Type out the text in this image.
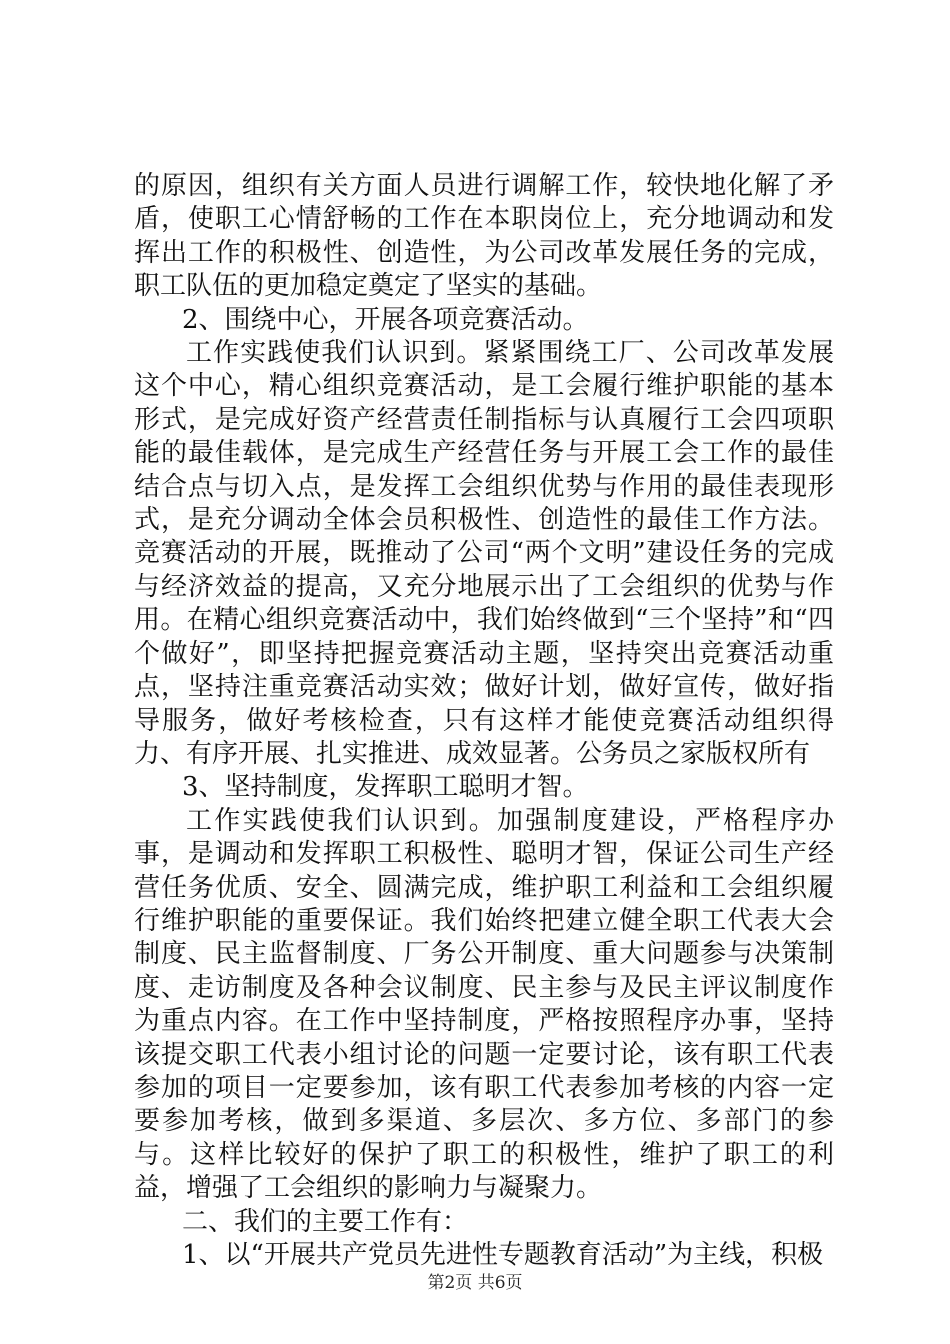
的原因，组织有关方面人员进行调解工作，较快地化解了矛盾，使职工心情舒畅的工作在本职岗位上，充分地调动和发挥出工作的积极性、创造性，为公司改革发展任务的完成，职工队伍的更加稳定奠定了坚实的基础。

2、围绕中心，开展各项竞赛活动。

工作实践使我们认识到。紧紧围绕工厂、公司改革发展这个中心，精心组织竞赛活动，是工会履行维护职能的基本形式，是完成好资产经营责任制指标与认真履行工会四项职能的最佳载体，是完成生产经营任务与开展工会工作的最佳结合点与切入点，是发挥工会组织优势与作用的最佳表现形式，是充分调动全体会员积极性、创造性的最佳工作方法。竞赛活动的开展，既推动了公司“两个文明”建设任务的完成与经济效益的提高，又充分地展示出了工会组织的优势与作用。在精心组织竞赛活动中，我们始终做到“三个坚持”和“四个做好”，即坚持把握竞赛活动主题，坚持突出竞赛活动重点，坚持注重竞赛活动实效；做好计划，做好宣传，做好指导服务，做好考核检查，只有这样才能使竞赛活动组织得力、有序开展、扎实推进、成效显著。公务员之家版权所有

3、坚持制度，发挥职工聪明才智。

工作实践使我们认识到。加强制度建设，严格程序办事，是调动和发挥职工积极性、聪明才智，保证公司生产经营任务优质、安全、圆满完成，维护职工利益和工会组织履行维护职能的重要保证。我们始终把建立健全职工代表大会制度、民主监督制度、厂务公开制度、重大问题参与决策制度、走访制度及各种会议制度、民主参与及民主评议制度作为重点内容。在工作中坚持制度，严格按照程序办事，坚持该提交职工代表小组讨论的问题一定要讨论，该有职工代表参加的项目一定要参加，该有职工代表参加考核的内容一定要参加考核，做到多渠道、多层次、多方位、多部门的参与。这样比较好的保护了职工的积极性，维护了职工的利益，增强了工会组织的影响力与凝聚力。

二、我们的主要工作有：

1、以“开展共产党员先进性专题教育活动”为主线，积极

第2页 共6页
